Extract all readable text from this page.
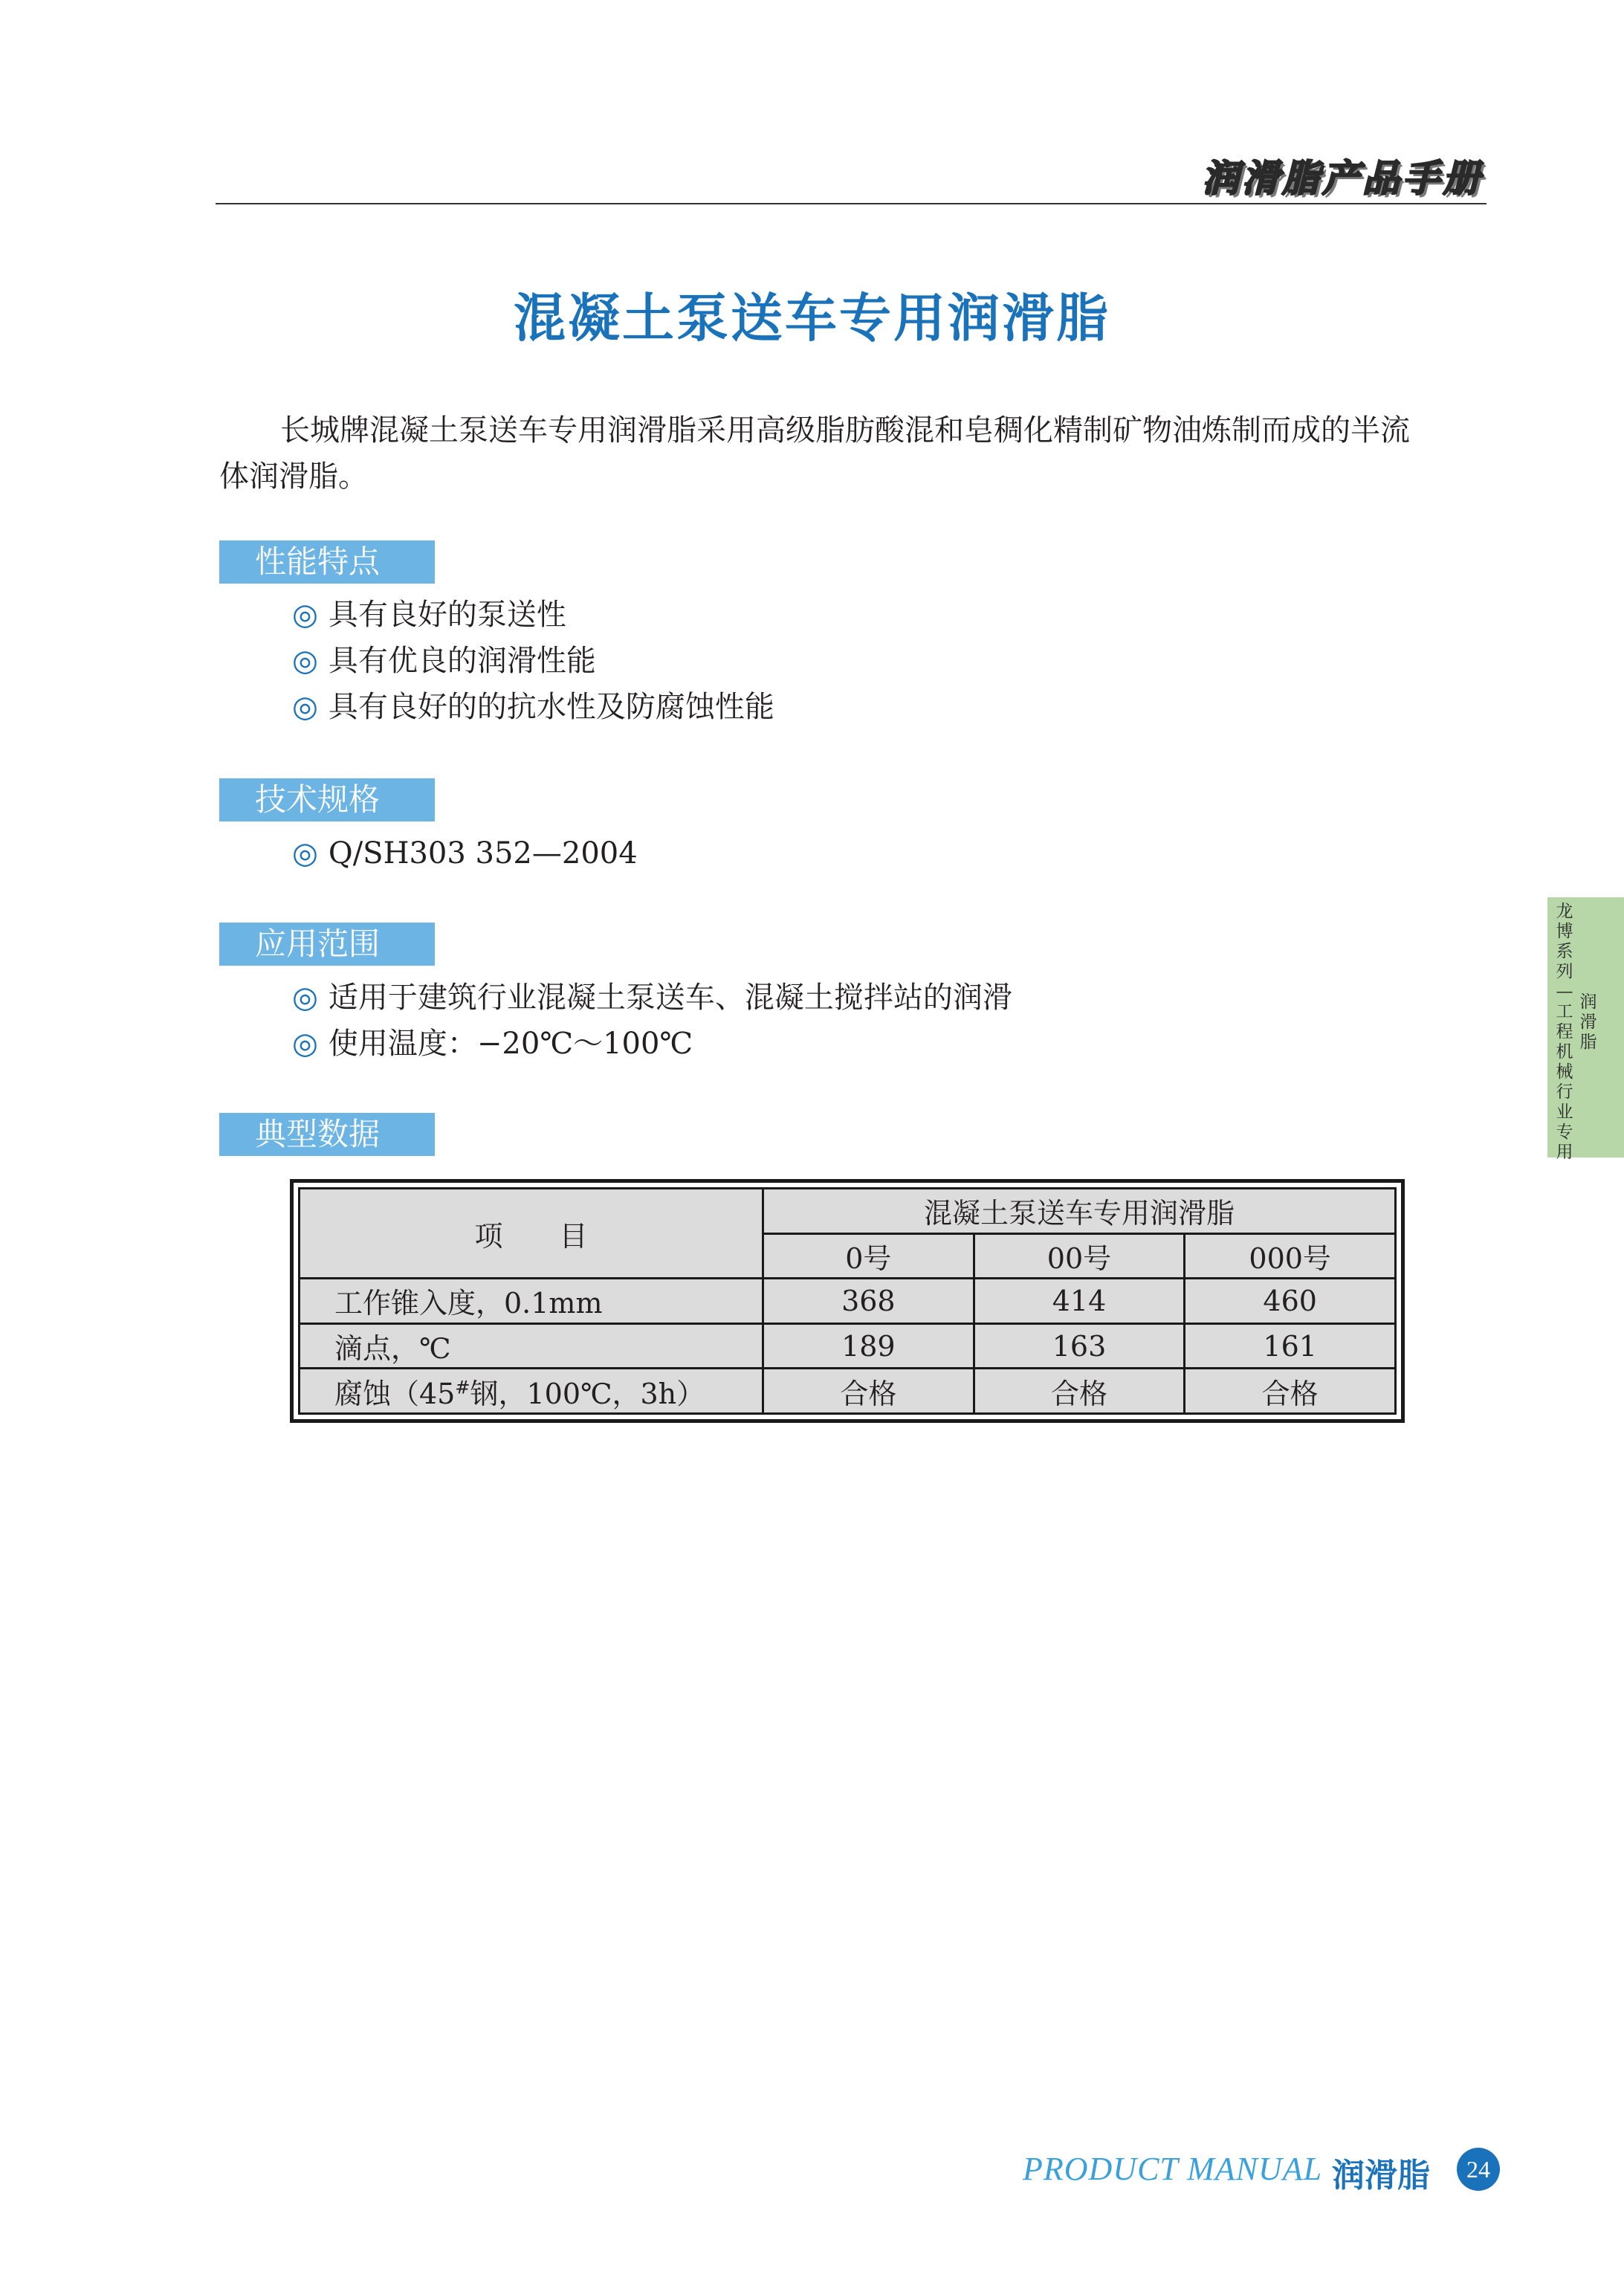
润滑脂产品手册
混凝土泵送车专用润滑脂
长城牌混凝土泵送车专用润滑脂采用高级脂肪酸混和皂稠化精制矿物油炼制而成的半流体润滑脂。
性能特点
◎ 具有良好的泵送性
◎ 具有优良的润滑性能
◎ 具有良好的的抗水性及防腐蚀性能
技术规格
◎ Q/SH303 352—2004
应用范围
◎ 适用于建筑行业混凝土泵送车、混凝土搅拌站的润滑
◎ 使用温度：−20℃～100℃
典型数据
项　　目	混凝土泵送车专用润滑脂		
	0号	00号	000号
工作锥入度，0.1mm	368	414	460
滴点，℃	189	163	161
腐蚀（45#钢，100℃，3h）	合格	合格	合格
龙博系列—工程机械行业专用
润滑脂
PRODUCT MANUAL 润滑脂	24
